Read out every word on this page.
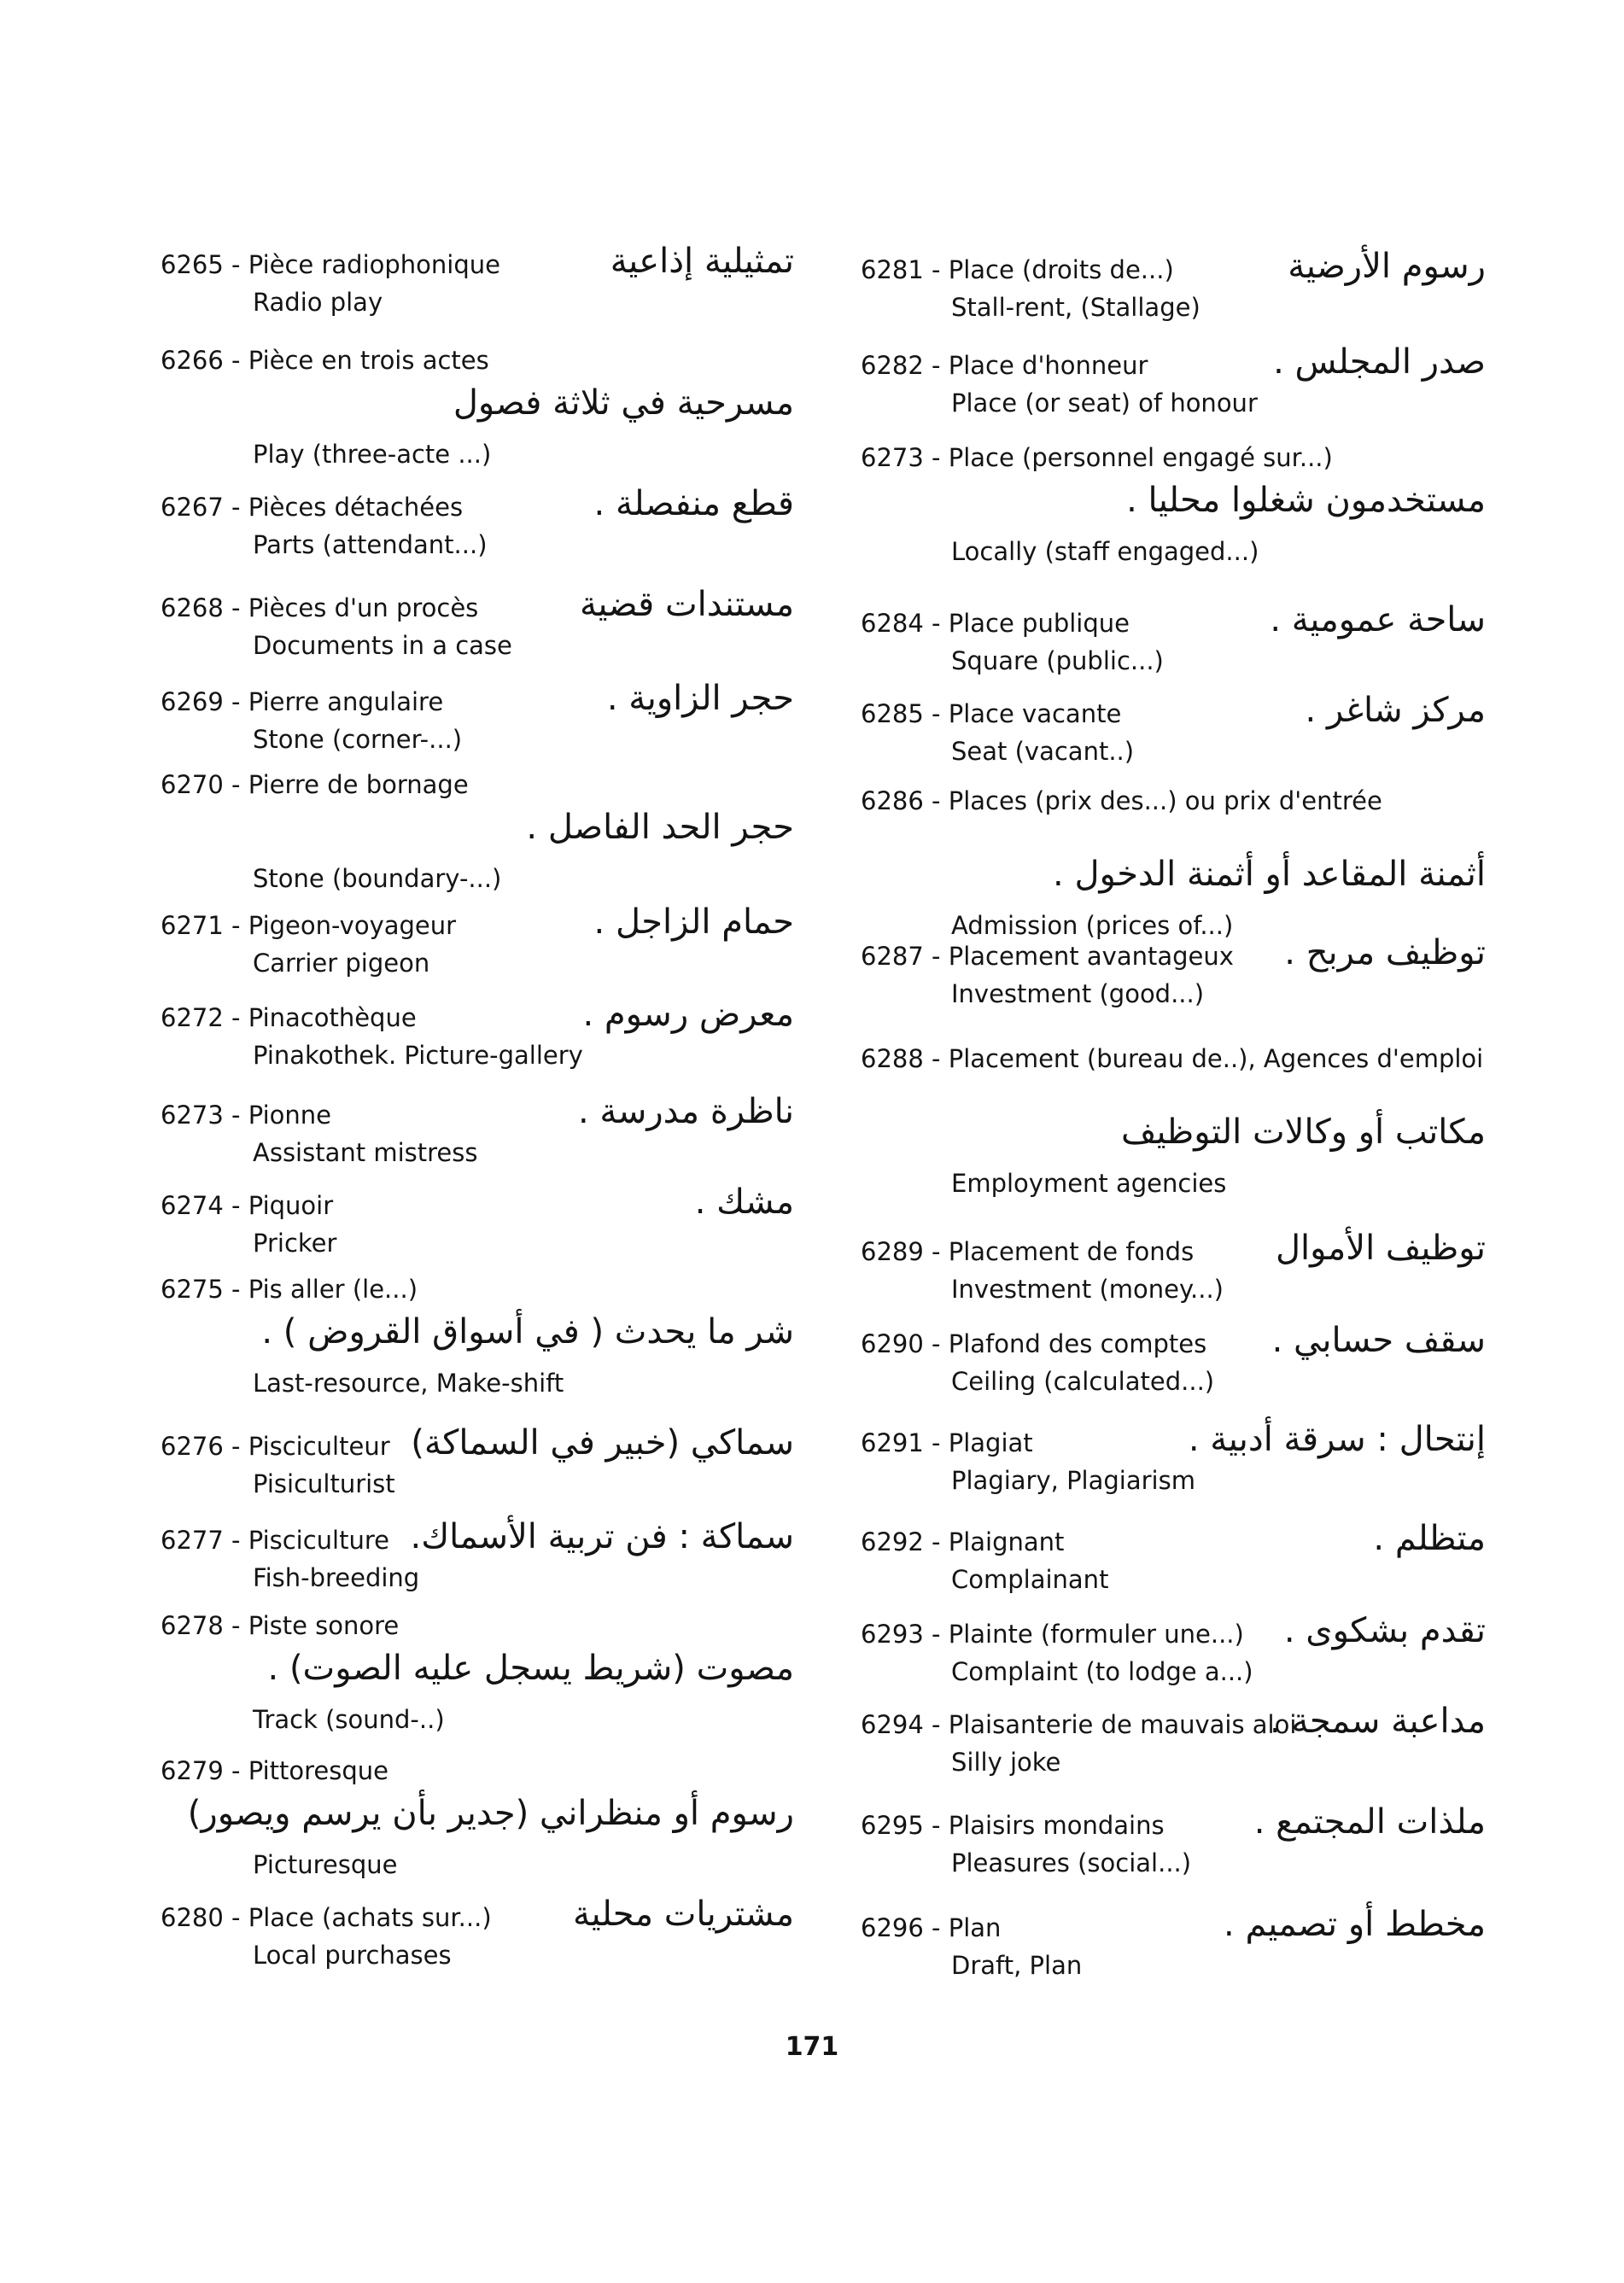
6265 - Pièce radiophonique	تمثيلية إذاعية
Radio play
6266 - Pièce en trois actes
مسرحية في ثلاثة فصول
Play (three-acte ...)
6267 - Pièces détachées	قطع منفصلة .
Parts (attendant...)
6268 - Pièces d'un procès	مستندات قضية
Documents in a case
6269 - Pierre angulaire	حجر الزاوية .
Stone (corner-...)
6270 - Pierre de bornage
حجر الحد الفاصل .
Stone (boundary-...)
6271 - Pigeon-voyageur	حمام الزاجل .
Carrier pigeon
6272 - Pinacothèque	معرض رسوم .
Pinakothek. Picture-gallery
6273 - Pionne	ناظرة مدرسة .
Assistant mistress
6274 - Piquoir	مشك .
Pricker
6275 - Pis aller (le...)
شر ما يحدث ( في أسواق القروض ) .
Last-resource, Make-shift
6276 - Pisciculteur سماكي (خبير في السماكة)
Pisiculturist
6277 - Pisciculture سماكة : فن تربية الأسماك.
Fish-breeding
6278 - Piste sonore
مصوت (شريط يسجل عليه الصوت) .
Track (sound-..)
6279 - Pittoresque
رسوم أو منظراني (جدير بأن يرسم ويصور)
Picturesque
6280 - Place (achats sur...) مشتريات محلية
Local purchases
6281 - Place (droits de...)	رسوم الأرضية
Stall-rent, (Stallage)
6282 - Place d'honneur	صدر المجلس .
Place (or seat) of honour
6273 - Place (personnel engagé sur...)
مستخدمون شغلوا محليا .
Locally (staff engaged...)
6284 - Place publique	ساحة عمومية .
Square (public...)
6285 - Place vacante	مركز شاغر .
Seat (vacant..)
6286 - Places (prix des...) ou prix d'entrée
أثمنة المقاعد أو أثمنة الدخول .
Admission (prices of...)
6287 - Placement avantageux توظيف مربح .
Investment (good...)
6288 - Placement (bureau de..), Agences d'emploi
مكاتب أو وكالات التوظيف
Employment agencies
6289 - Placement de fonds توظيف الأموال
Investment (money...)
6290 - Plafond des comptes سقف حسابي .
Ceiling (calculated...)
6291 - Plagiat	إنتحال : سرقة أدبية .
Plagiary, Plagiarism
6292 - Plaignant	متظلم .
Complainant
6293 - Plainte (formuler une...) تقدم بشكوى .
Complaint (to lodge a...)
6294 - Plaisanterie de mauvais aloi
مداعبة سمجة .
Silly joke
6295 - Plaisirs mondains	ملذات المجتمع .
Pleasures (social...)
6296 - Plan	مخطط أو تصميم .
Draft, Plan
171
